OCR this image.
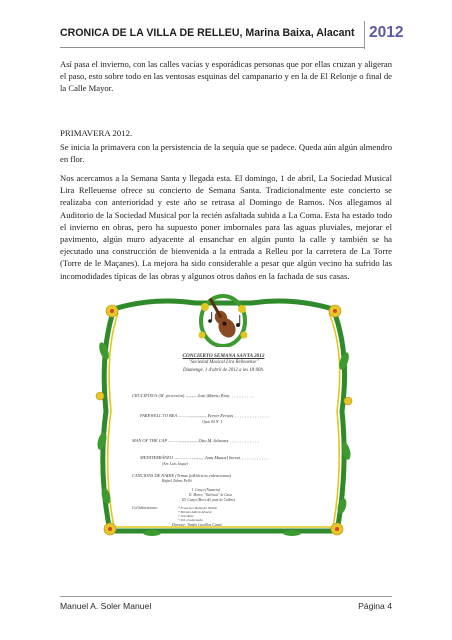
CRONICA DE LA VILLA DE RELLEU, Marina Baixa, Alacant 2012

Así pasa el invierno, con las calles vacías y esporádicas personas que por ellas cruzan y aligeran el paso, esto sobre todo en las ventosas esquinas del campanario y en la de El Relonje o final de la Calle Mayor.

PRIMAVERA 2012.

Se inicia la primavera con la persistencia de la sequía que se padece. Queda aún algún almendro en flor.

Nos acercamos a la Semana Santa y llegada esta. El domingo, 1 de abril, La Sociedad Musical Lira Relleuense ofrece su concierto de Semana Santa. Tradicionalmente este concierto se realizaba con anterioridad y este año se retrasa al Domingo de Ramos. Nos allegamos al Auditorio de la Sociedad Musical por la recién asfaltada subida a La Coma. Esta ha estado todo el invierno en obras, pero ha supuesto poner imbornales para las aguas pluviales, mejorar el pavimento, algún muro adyacente al ensanchar en algún punto la calle y también se ha ejecutado una construcción de bienvenida a la entrada a Relleu por la carretera de La Torre (Torre de le Maçanes). La mejora ha sido considerable a pesar que algún vecino ha sufrido las incomodidades típicas de las obras y algunos otros daños en la fachada de sus casas.

CONCIERTO SEMANA SANTA 2012
"Sociedad Musical Lira Relleuense"
Diumenge, 1 d'abril de 2012 a les 18:00h.
CRUCIFIXUS (M. procesión) .......... José Alberto Pina
FAREWELL TO BEA .......................... Ferrer Ferrán
Opus 94 Nº 1
MAN OF THE CAP ........................... Otto M. Schwarz
MEDITERRÁNEO ........................... Joan Manuel Serrat
(Arr. Luis Jaque)
CANCIONS DE NADIE (Temas folklóricos valencianos)
Rafael Talens Pelló
I. Canço (Nanneta)
II. Morro, "Valencia" in Casa
III. Canço (Bocs del pont de Calbes)
Col·laboracions:	* Francisco Ballester Bañón
* Miriam Albero Álvarez
* José Ruiz
* Pol el adecuado
Director: Tomás Castillos Cantó
Manuel A. Soler Manuel	Página 4
